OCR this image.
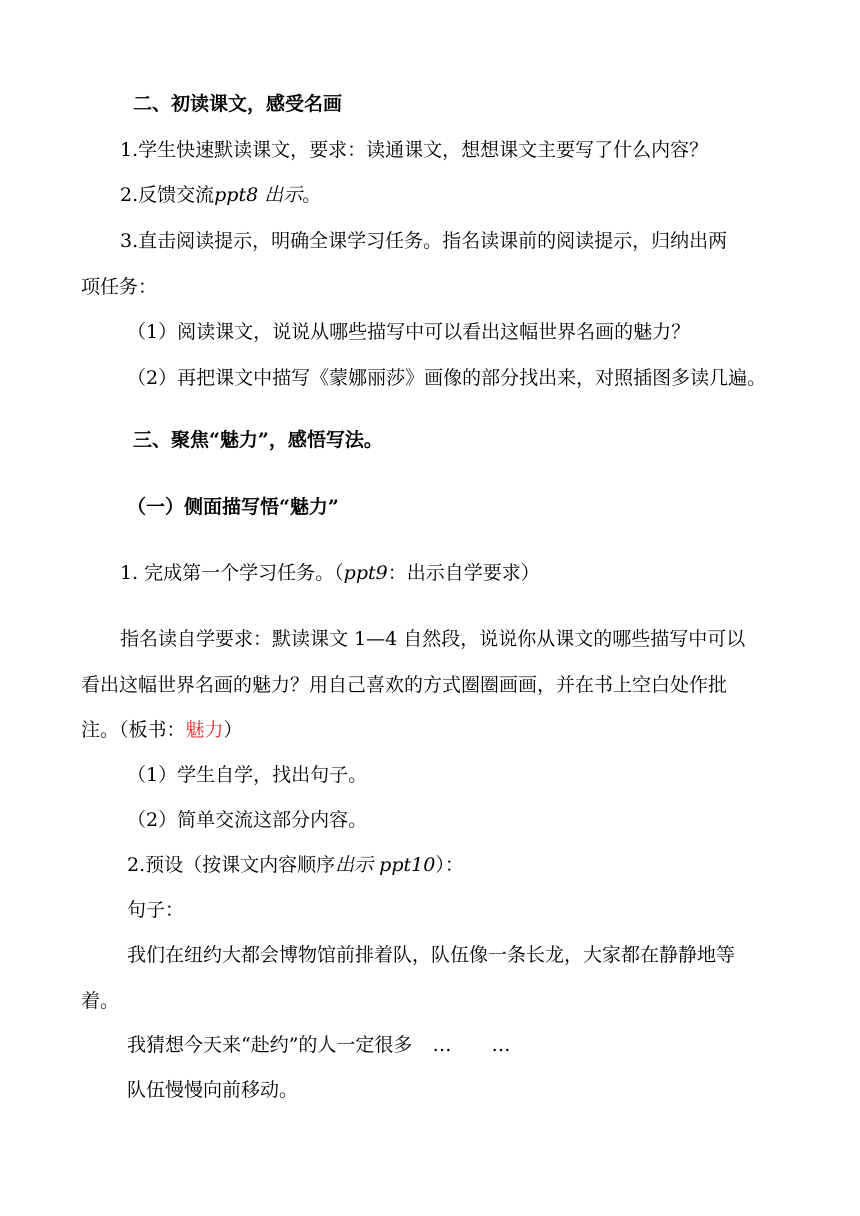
二、初读课文，感受名画
1.学生快速默读课文，要求：读通课文，想想课文主要写了什么内容？
2.反馈交流ppt8 出示。
3.直击阅读提示，明确全课学习任务。指名读课前的阅读提示，归纳出两
项任务：
（1）阅读课文，说说从哪些描写中可以看出这幅世界名画的魅力？
（2）再把课文中描写《蒙娜丽莎》画像的部分找出来，对照插图多读几遍。
三、聚焦“魅力”，感悟写法。
（一）侧面描写悟“魅力”
1. 完成第一个学习任务。（ppt9：出示自学要求）
指名读自学要求：默读课文 1—4 自然段，说说你从课文的哪些描写中可以
看出这幅世界名画的魅力？用自己喜欢的方式圈圈画画，并在书上空白处作批
注。（板书：魅力）
（1）学生自学，找出句子。
（2）简单交流这部分内容。
2.预设（按课文内容顺序出示 ppt10）：
句子：
我们在纽约大都会博物馆前排着队，队伍像一条长龙，大家都在静静地等
着。
我猜想今天来“赴约”的人一定很多 … …
队伍慢慢向前移动。
